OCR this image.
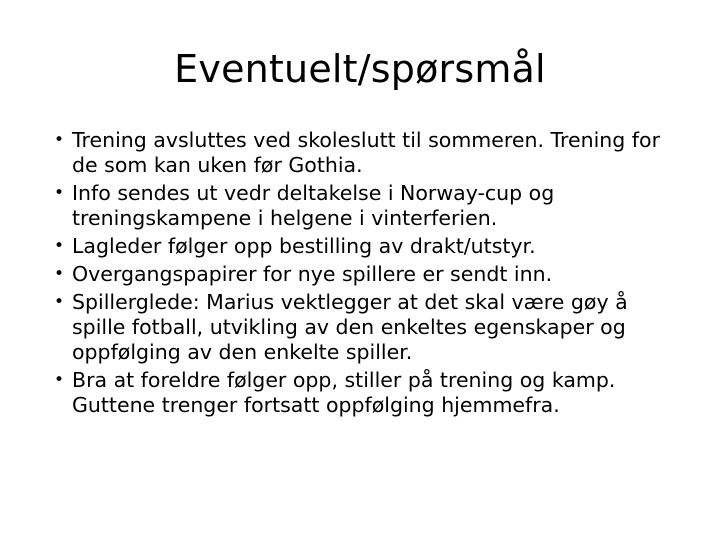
Eventuelt/spørsmål
• Trening avsluttes ved skoleslutt til sommeren. Trening for de som kan uken før Gothia.
• Info sendes ut vedr deltakelse i Norway-cup og treningskampene i helgene i vinterferien.
• Lagleder følger opp bestilling av drakt/utstyr.
• Overgangspapirer for nye spillere er sendt inn.
• Spillerglede: Marius vektlegger at det skal være gøy å spille fotball, utvikling av den enkeltes egenskaper og oppfølging av den enkelte spiller.
• Bra at foreldre følger opp, stiller på trening og kamp. Guttene trenger fortsatt oppfølging hjemmefra.
